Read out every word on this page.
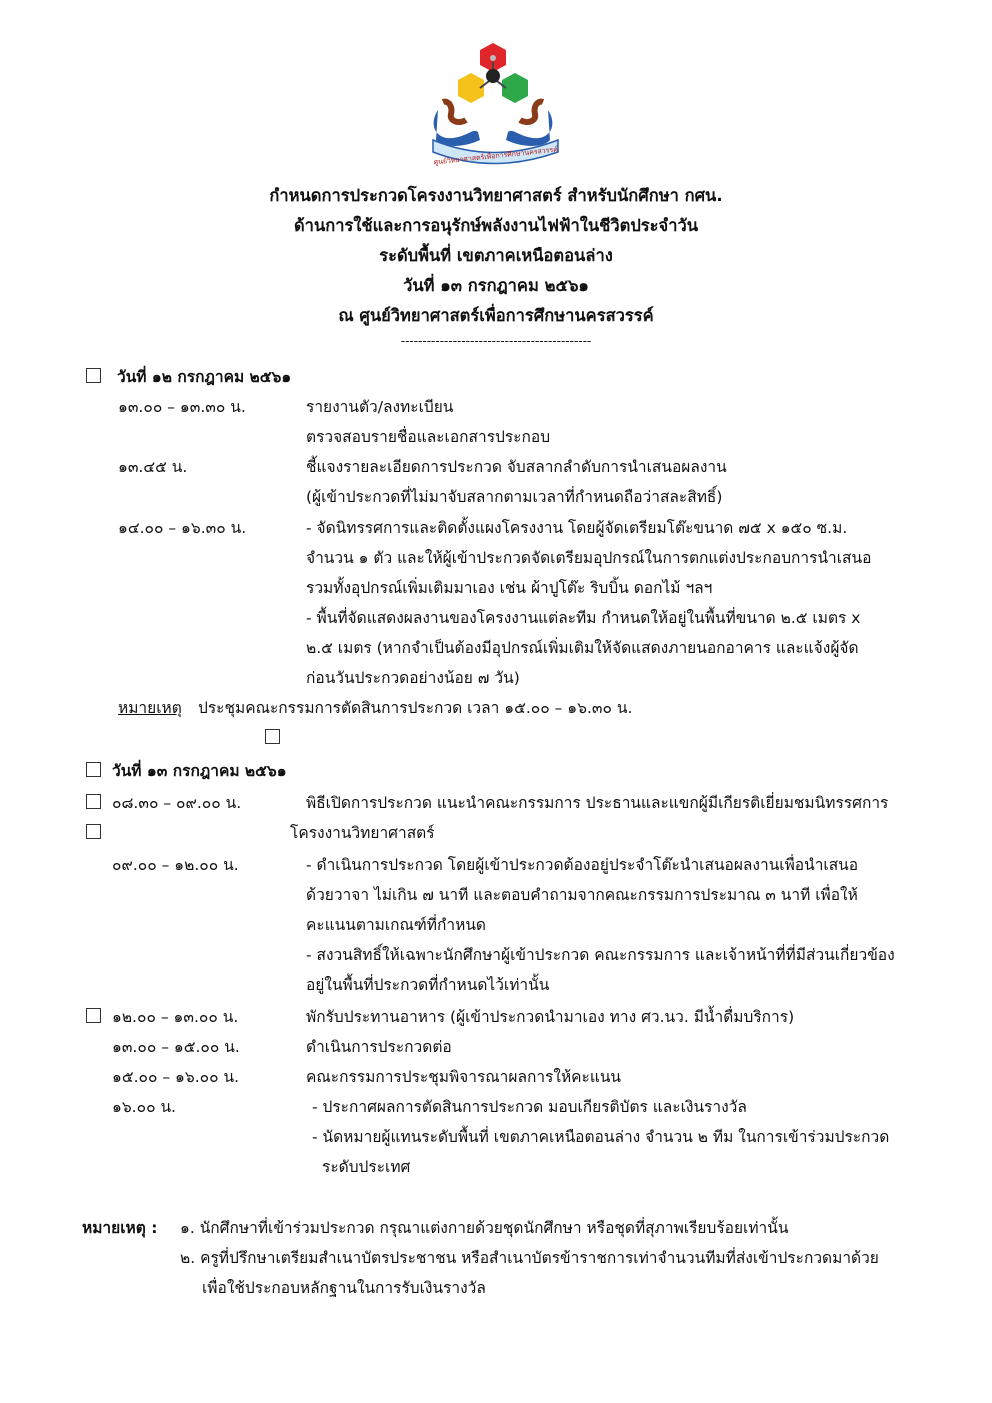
ศูนย์วิทยาศาสตร์เพื่อการศึกษานครสวรรค์
กำหนดการประกวดโครงงานวิทยาศาสตร์ สำหรับนักศึกษา กศน.
ด้านการใช้และการอนุรักษ์พลังงานไฟฟ้าในชีวิตประจำวัน
ระดับพื้นที่ เขตภาคเหนือตอนล่าง
วันที่ ๑๓ กรกฎาคม ๒๕๖๑
ณ ศูนย์วิทยาศาสตร์เพื่อการศึกษานครสวรรค์
--------------------------------------------
วันที่ ๑๒ กรกฎาคม ๒๕๖๑
๑๓.๐๐ – ๑๓.๓๐ น.	รายงานตัว/ลงทะเบียน
ตรวจสอบรายชื่อและเอกสารประกอบ
๑๓.๔๕ น.	ชี้แจงรายละเอียดการประกวด จับสลากลำดับการนำเสนอผลงาน
(ผู้เข้าประกวดที่ไม่มาจับสลากตามเวลาที่กำหนดถือว่าสละสิทธิ์)
๑๔.๐๐ – ๑๖.๓๐ น.	- จัดนิทรรศการและติดตั้งแผงโครงงาน โดยผู้จัดเตรียมโต๊ะขนาด ๗๕ x ๑๕๐ ซ.ม.
จำนวน ๑ ตัว และให้ผู้เข้าประกวดจัดเตรียมอุปกรณ์ในการตกแต่งประกอบการนำเสนอ
รวมทั้งอุปกรณ์เพิ่มเติมมาเอง เช่น ผ้าปูโต๊ะ ริบบิ้น ดอกไม้ ฯลฯ
- พื้นที่จัดแสดงผลงานของโครงงานแต่ละทีม กำหนดให้อยู่ในพื้นที่ขนาด ๒.๕ เมตร x
๒.๕ เมตร (หากจำเป็นต้องมีอุปกรณ์เพิ่มเติมให้จัดแสดงภายนอกอาคาร และแจ้งผู้จัด
ก่อนวันประกวดอย่างน้อย ๗ วัน)
หมายเหตุ ประชุมคณะกรรมการตัดสินการประกวด เวลา ๑๕.๐๐ – ๑๖.๓๐ น.
วันที่ ๑๓ กรกฎาคม ๒๕๖๑
๐๘.๓๐ – ๐๙.๐๐ น.	พิธีเปิดการประกวด แนะนำคณะกรรมการ ประธานและแขกผู้มีเกียรติเยี่ยมชมนิทรรศการ
โครงงานวิทยาศาสตร์
๐๙.๐๐ – ๑๒.๐๐ น.	- ดำเนินการประกวด โดยผู้เข้าประกวดต้องอยู่ประจำโต๊ะนำเสนอผลงานเพื่อนำเสนอ
ด้วยวาจา ไม่เกิน ๗ นาที และตอบคำถามจากคณะกรรมการประมาณ ๓ นาที เพื่อให้
คะแนนตามเกณฑ์ที่กำหนด
- สงวนสิทธิ์ให้เฉพาะนักศึกษาผู้เข้าประกวด คณะกรรมการ และเจ้าหน้าที่ที่มีส่วนเกี่ยวข้อง
อยู่ในพื้นที่ประกวดที่กำหนดไว้เท่านั้น
๑๒.๐๐ – ๑๓.๐๐ น.	พักรับประทานอาหาร (ผู้เข้าประกวดนำมาเอง ทาง ศว.นว. มีน้ำดื่มบริการ)
๑๓.๐๐ – ๑๕.๐๐ น.	ดำเนินการประกวดต่อ
๑๕.๐๐ – ๑๖.๐๐ น.	คณะกรรมการประชุมพิจารณาผลการให้คะแนน
๑๖.๐๐ น.	- ประกาศผลการตัดสินการประกวด มอบเกียรติบัตร และเงินรางวัล
- นัดหมายผู้แทนระดับพื้นที่ เขตภาคเหนือตอนล่าง จำนวน ๒ ทีม ในการเข้าร่วมประกวด
ระดับประเทศ
หมายเหตุ : ๑. นักศึกษาที่เข้าร่วมประกวด กรุณาแต่งกายด้วยชุดนักศึกษา หรือชุดที่สุภาพเรียบร้อยเท่านั้น
๒. ครูที่ปรึกษาเตรียมสำเนาบัตรประชาชน หรือสำเนาบัตรข้าราชการเท่าจำนวนทีมที่ส่งเข้าประกวดมาด้วย
เพื่อใช้ประกอบหลักฐานในการรับเงินรางวัล
